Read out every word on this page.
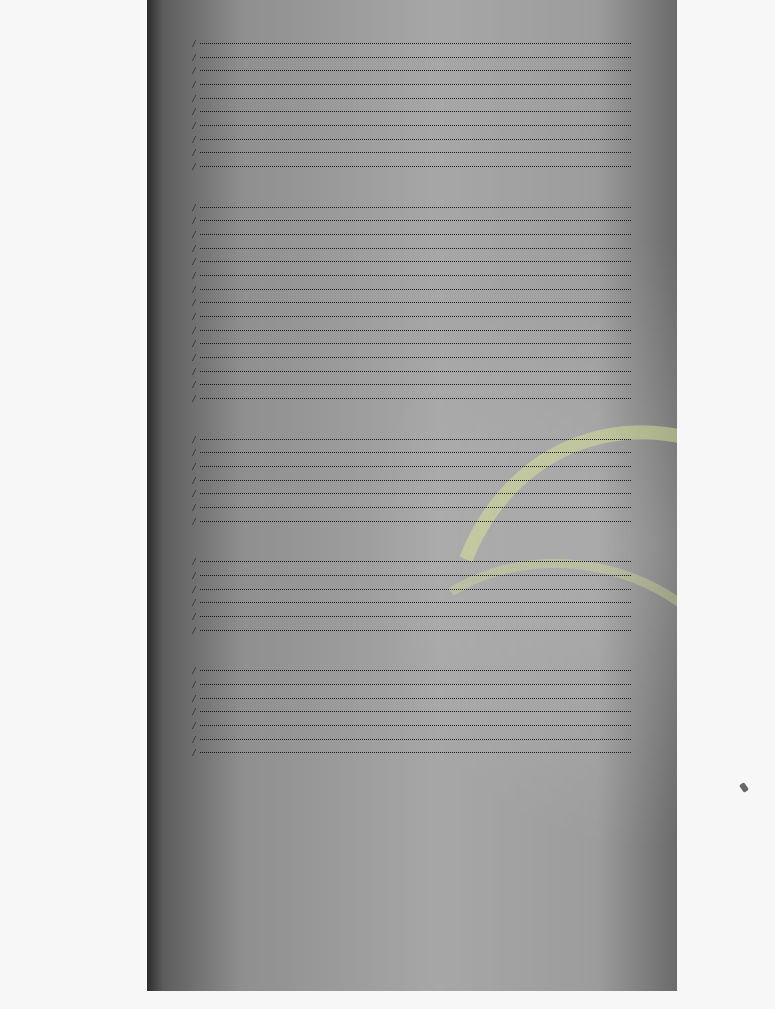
/
/
/
/
/
/
/
/
/
/
/
/
/
/
/
/
/
/
/
/
/
/
/
/
/
/
/
/
/
/
/
/
/
/
/
/
/
/
/
/
/
/
/
/
/
